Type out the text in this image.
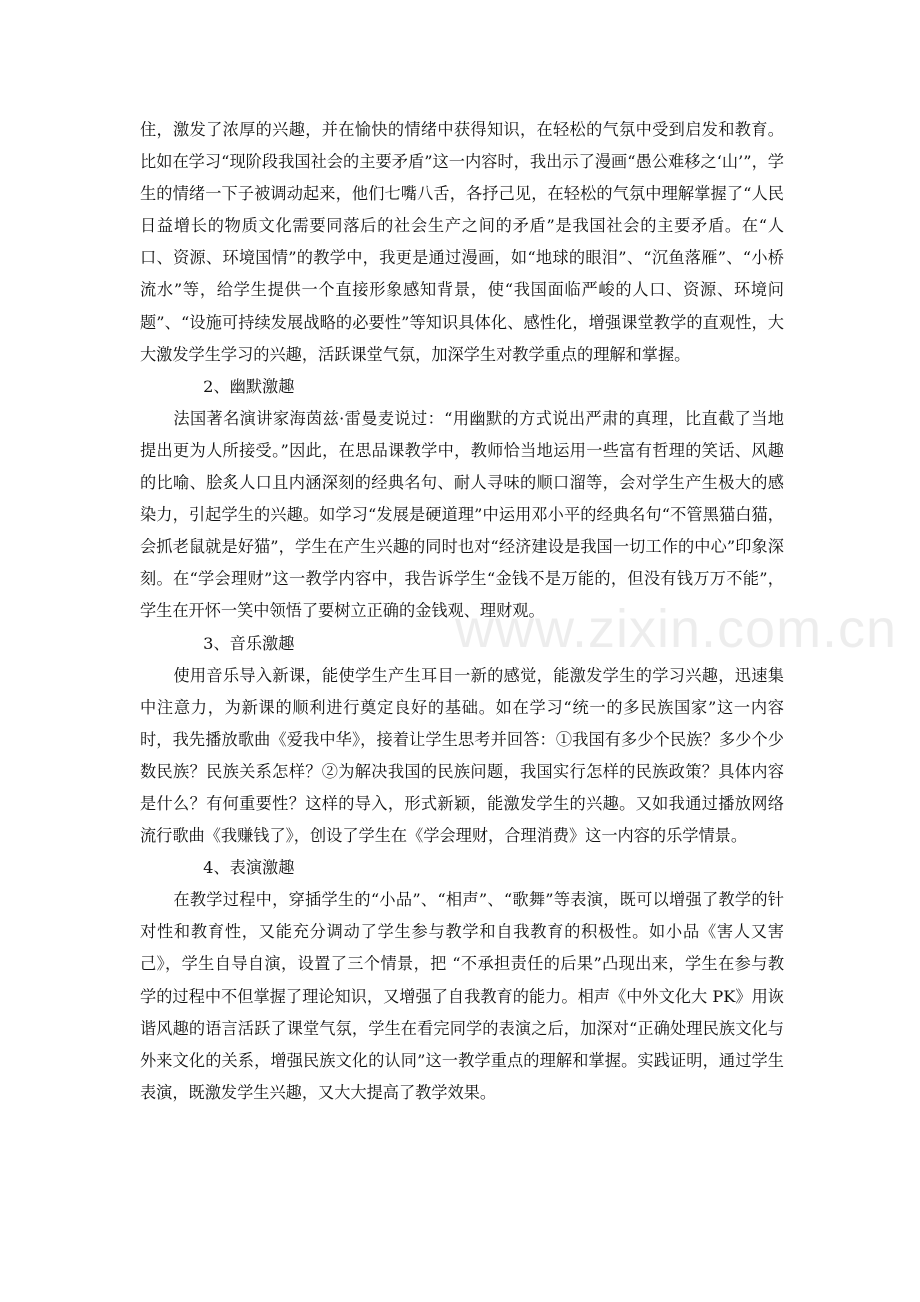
住，激发了浓厚的兴趣，并在愉快的情绪中获得知识，在轻松的气氛中受到启发和教育。比如在学习“现阶段我国社会的主要矛盾”这一内容时，我出示了漫画“愚公难移之‘山’”，学生的情绪一下子被调动起来，他们七嘴八舌，各抒己见，在轻松的气氛中理解掌握了“人民日益增长的物质文化需要同落后的社会生产之间的矛盾”是我国社会的主要矛盾。在“人口、资源、环境国情”的教学中，我更是通过漫画，如“地球的眼泪”、“沉鱼落雁”、“小桥流水”等，给学生提供一个直接形象感知背景，使“我国面临严峻的人口、资源、环境问题”、“设施可持续发展战略的必要性”等知识具体化、感性化，增强课堂教学的直观性，大大激发学生学习的兴趣，活跃课堂气氛，加深学生对教学重点的理解和掌握。

2、幽默激趣

法国著名演讲家海茵兹·雷曼麦说过：“用幽默的方式说出严肃的真理，比直截了当地提出更为人所接受。”因此，在思品课教学中，教师恰当地运用一些富有哲理的笑话、风趣的比喻、脍炙人口且内涵深刻的经典名句、耐人寻味的顺口溜等，会对学生产生极大的感染力，引起学生的兴趣。如学习“发展是硬道理”中运用邓小平的经典名句“不管黑猫白猫，会抓老鼠就是好猫”，学生在产生兴趣的同时也对“经济建设是我国一切工作的中心”印象深刻。在“学会理财”这一教学内容中，我告诉学生“金钱不是万能的，但没有钱万万不能”，学生在开怀一笑中领悟了要树立正确的金钱观、理财观。

3、音乐激趣

使用音乐导入新课，能使学生产生耳目一新的感觉，能激发学生的学习兴趣，迅速集中注意力，为新课的顺利进行奠定良好的基础。如在学习“统一的多民族国家”这一内容时，我先播放歌曲《爱我中华》，接着让学生思考并回答：①我国有多少个民族？多少个少数民族？民族关系怎样？②为解决我国的民族问题，我国实行怎样的民族政策？具体内容是什么？有何重要性？这样的导入，形式新颖，能激发学生的兴趣。又如我通过播放网络流行歌曲《我赚钱了》，创设了学生在《学会理财，合理消费》这一内容的乐学情景。

4、表演激趣

在教学过程中，穿插学生的“小品”、“相声”、“歌舞”等表演，既可以增强了教学的针对性和教育性，又能充分调动了学生参与教学和自我教育的积极性。如小品《害人又害己》，学生自导自演，设置了三个情景，把 “不承担责任的后果”凸现出来，学生在参与教学的过程中不但掌握了理论知识，又增强了自我教育的能力。相声《中外文化大 PK》用诙谐风趣的语言活跃了课堂气氛，学生在看完同学的表演之后，加深对“正确处理民族文化与外来文化的关系，增强民族文化的认同”这一教学重点的理解和掌握。实践证明，通过学生表演，既激发学生兴趣，又大大提高了教学效果。

www.zixin.com.cn
